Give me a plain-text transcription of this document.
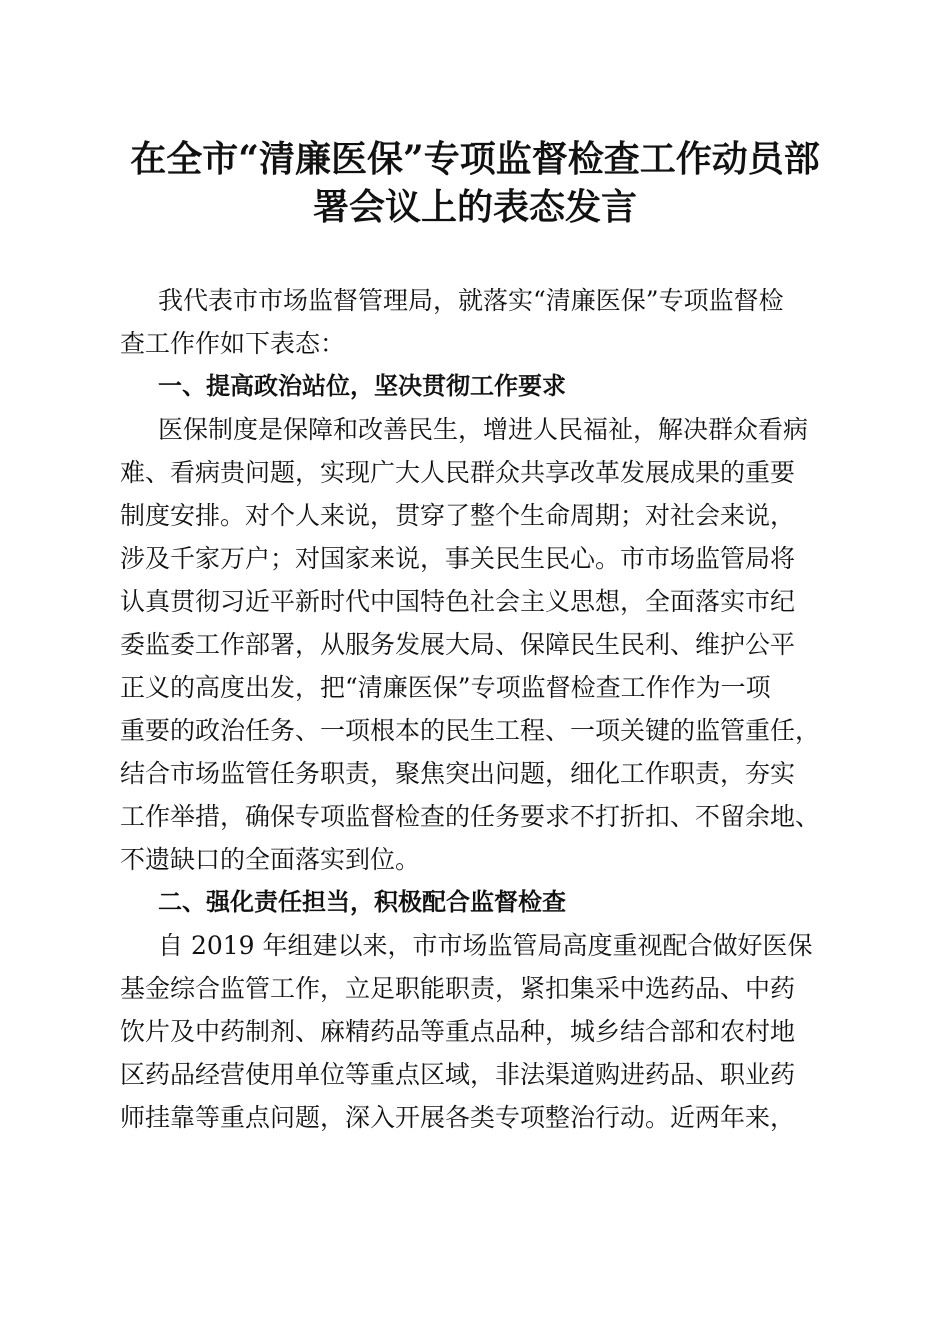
在全市“清廉医保”专项监督检查工作动员部
署会议上的表态发言
我代表市市场监督管理局，就落实“清廉医保”专项监督检
查工作作如下表态：
一、提高政治站位，坚决贯彻工作要求
医保制度是保障和改善民生，增进人民福祉，解决群众看病
难、看病贵问题，实现广大人民群众共享改革发展成果的重要
制度安排。对个人来说，贯穿了整个生命周期；对社会来说，
涉及千家万户；对国家来说，事关民生民心。市市场监管局将
认真贯彻习近平新时代中国特色社会主义思想，全面落实市纪
委监委工作部署，从服务发展大局、保障民生民利、维护公平
正义的高度出发，把“清廉医保”专项监督检查工作作为一项
重要的政治任务、一项根本的民生工程、一项关键的监管重任，
结合市场监管任务职责，聚焦突出问题，细化工作职责，夯实
工作举措，确保专项监督检查的任务要求不打折扣、不留余地、
不遗缺口的全面落实到位。
二、强化责任担当，积极配合监督检查
自 2019 年组建以来，市市场监管局高度重视配合做好医保
基金综合监管工作，立足职能职责，紧扣集采中选药品、中药
饮片及中药制剂、麻精药品等重点品种，城乡结合部和农村地
区药品经营使用单位等重点区域，非法渠道购进药品、职业药
师挂靠等重点问题，深入开展各类专项整治行动。近两年来，
